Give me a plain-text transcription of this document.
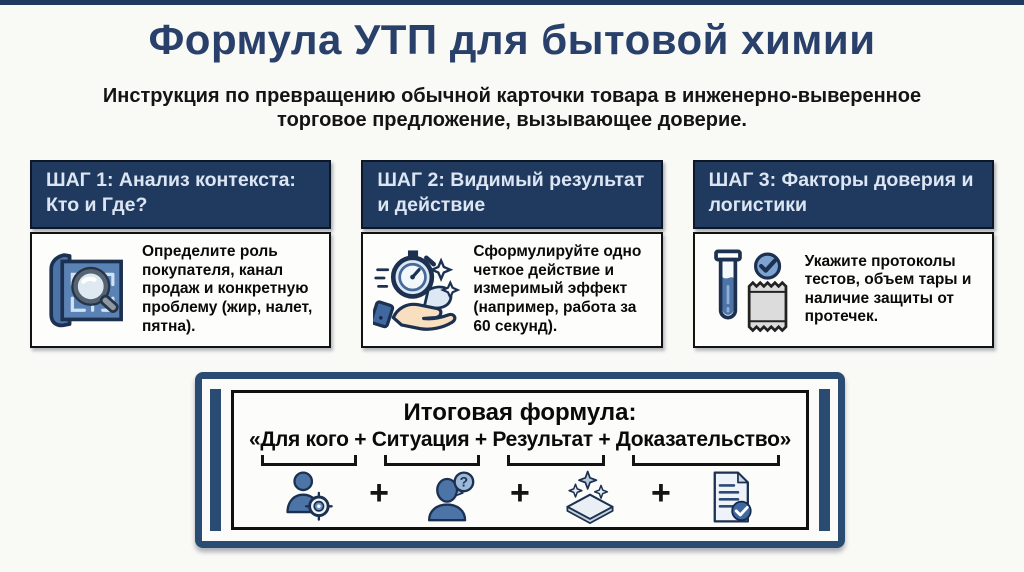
Формула УТП для бытовой химии
Инструкция по превращению обычной карточки товара в инженерно-выверенное торговое предложение, вызывающее доверие.
ШАГ 1: Анализ контекста: Кто и Где?
Определите роль покупателя, канал продаж и конкретную проблему (жир, налет, пятна).
ШАГ 2: Видимый результат и действие
Сформулируйте одно четкое действие и измеримый эффект (например, работа за 60 секунд).
ШАГ 3: Факторы доверия и логистики
Укажите протоколы тестов, объем тары и наличие защиты от протечек.
Итоговая формула:
«Для кого + Ситуация + Результат + Доказательство»
+	? +	+
